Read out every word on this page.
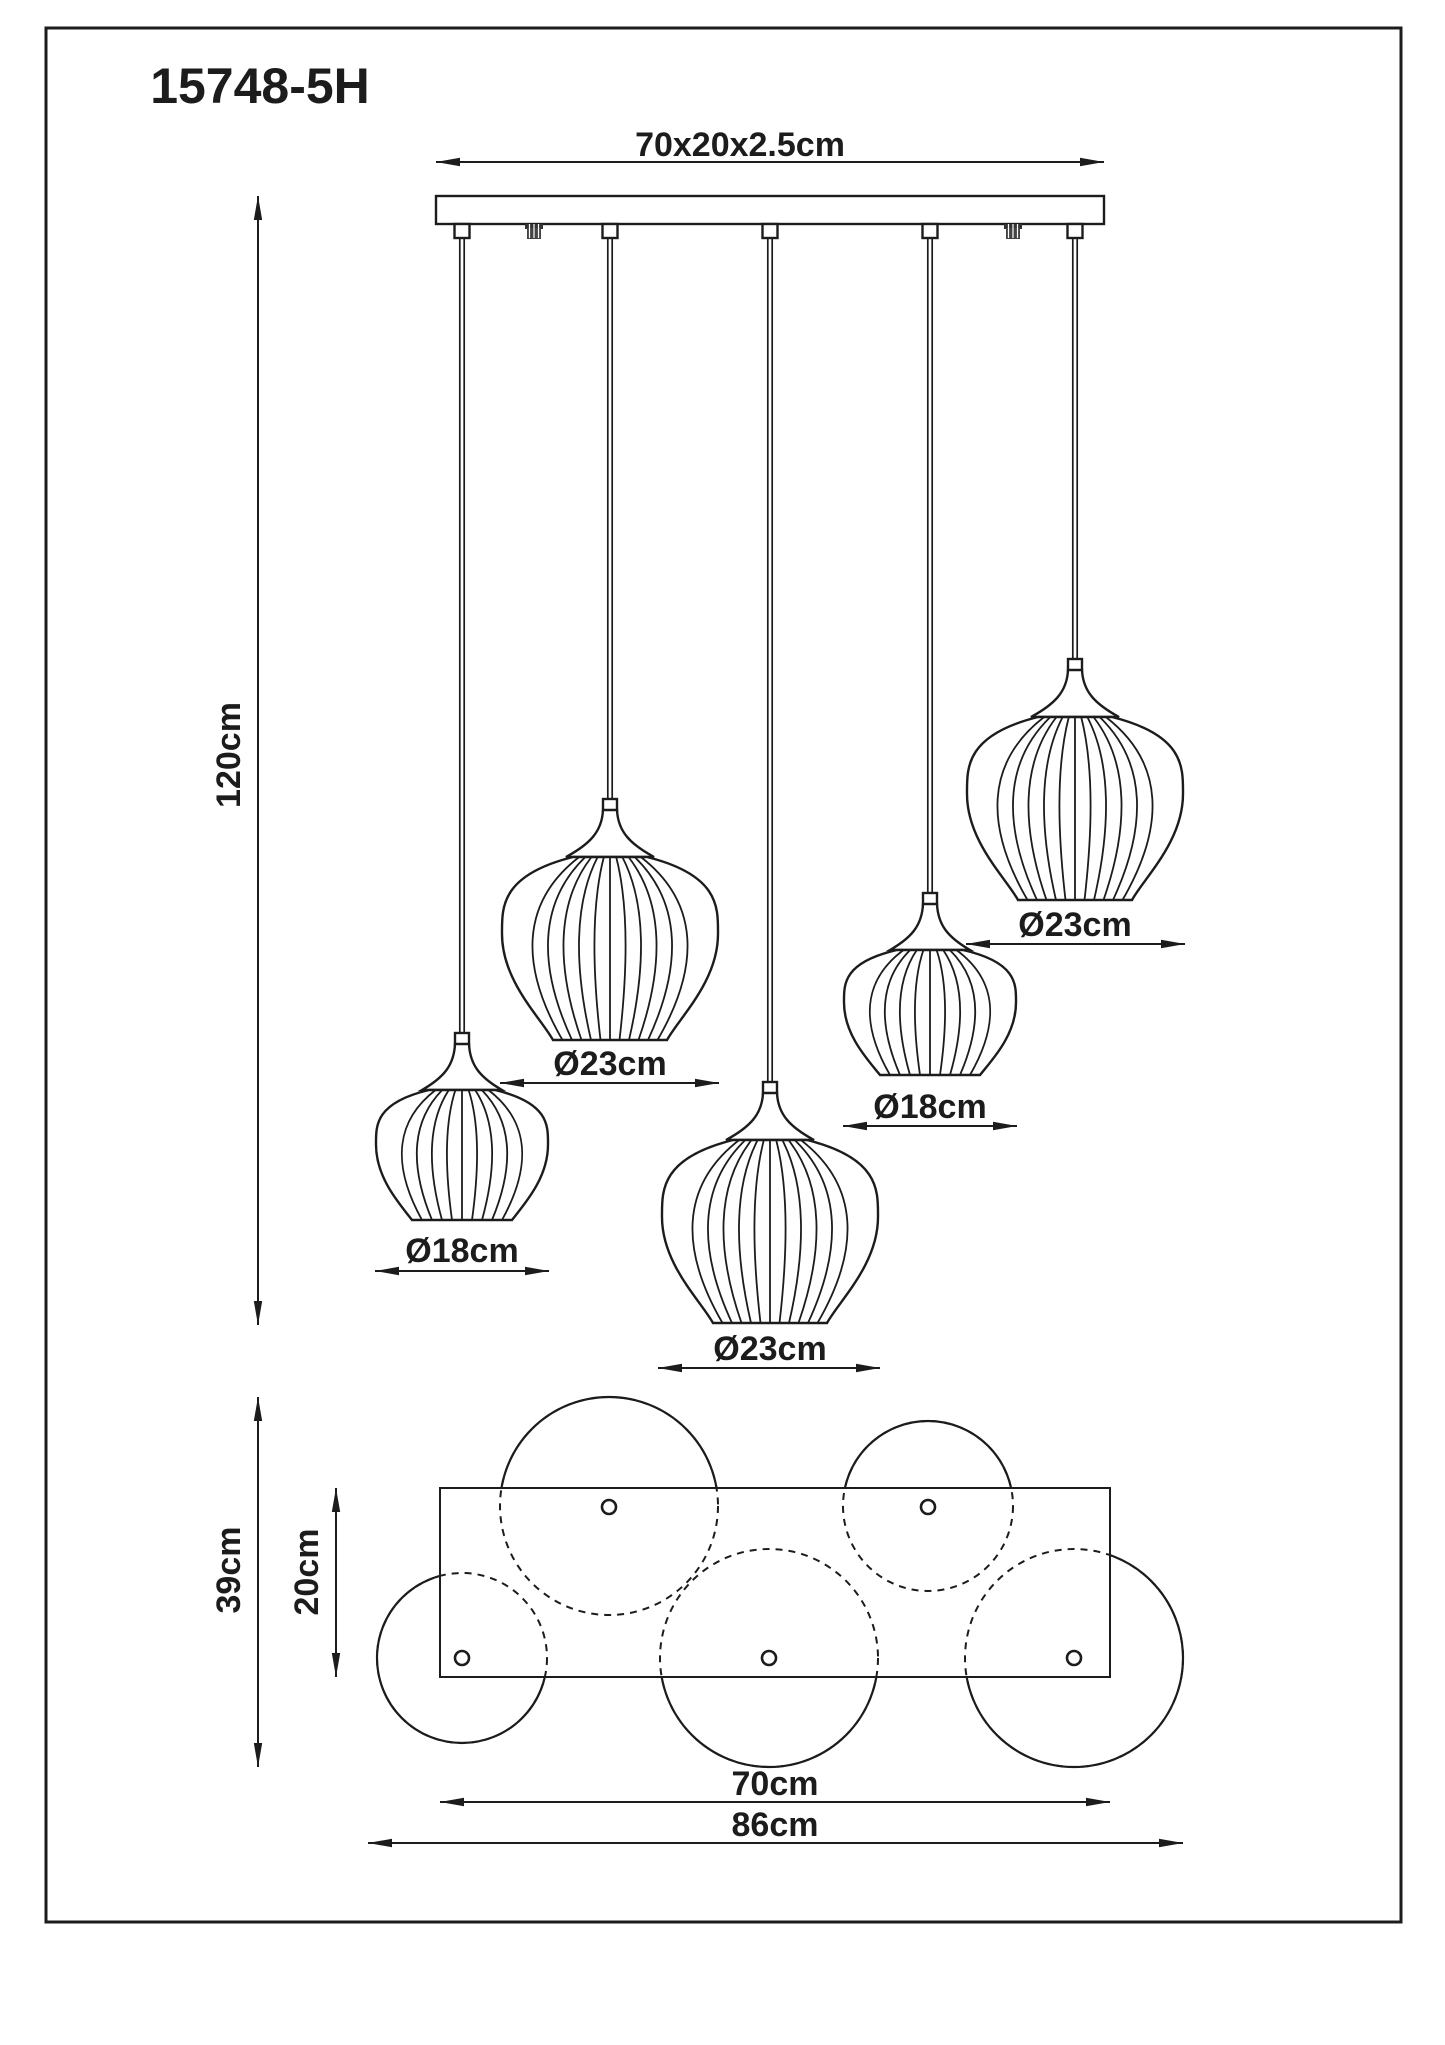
15748-5H
70x20x2.5cm
Ø18cm
Ø23cm
Ø23cm
Ø18cm
Ø23cm
120cm
39cm 20cm
70cm
86cm
